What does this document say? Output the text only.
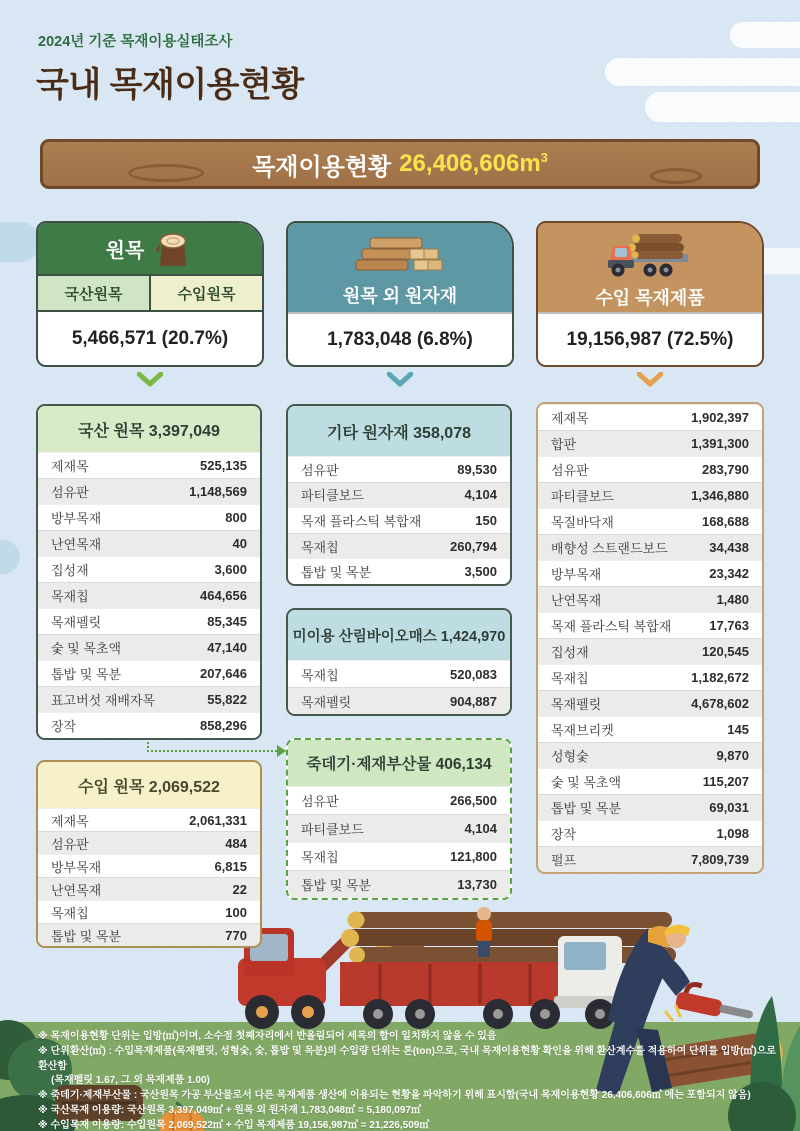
2024년 기준 목재이용실태조사
국내 목재이용현황
목재이용현황 $26,406,606m^3$
원목
국산원목	수입원목
5,466,571 (20.7%)
원목 외 원자재
1,783,048 (6.8%)
수입 목재제품
19,156,987 (72.5%)
국산 원목 3,397,049
제재목	525,135
섬유판	1,148,569
방부목재	800
난연목재	40
집성재	3,600
목재칩	464,656
목재펠릿	85,345
숯 및 목초액	47,140
톱밥 및 목분	207,646
표고버섯 재배자목	55,822
장작	858,296
수입 원목 2,069,522
제재목	2,061,331
섬유판	484
방부목재	6,815
난연목재	22
목재칩	100
톱밥 및 목분	770
기타 원자재 358,078
섬유판	89,530
파티클보드	4,104
목재 플라스틱 복합재	150
목재칩	260,794
톱밥 및 목분	3,500
미이용 산림바이오매스 1,424,970
목재칩	520,083
목재펠릿	904,887
죽데기·제재부산물 406,134
섬유판	266,500
파티클보드	4,104
목재칩	121,800
톱밥 및 목분	13,730
제재목	1,902,397
합판	1,391,300
섬유판	283,790
파티클보드	1,346,880
목질바닥재	168,688
배향성 스트랜드보드	34,438
방부목재	23,342
난연목재	1,480
목재 플라스틱 복합재	17,763
집성재	120,545
목재칩	1,182,672
목재펠릿	4,678,602
목재브리켓	145
성형숯	9,870
숯 및 목초액	115,207
톱밥 및 목분	69,031
장작	1,098
펄프	7,809,739
※ 목재이용현황 단위는 입방(㎥)이며, 소수점 첫째자리에서 반올림되어 세목의 합이 일치하지 않을 수 있음
※ 단위환산(㎥) : 수입목재제품(목재펠릿, 성형숯, 숯, 톱밥 및 목분)의 수입량 단위는 톤(ton)으로, 국내 목재이용현황 확인을 위해 환산계수를 적용하여 단위를 입방(㎥)으로 환산함
(목재펠릿 1.67, 그 외 목재제품 1.00)
※ 죽데기·제재부산물 : 국산원목 가공 부산물로서 다른 목재제품 생산에 이용되는 현황을 파악하기 위해 표시함(국내 목재이용현황 26,406,606㎥ 에는 포함되지 않음)
※ 국산목재 이용량: 국산원목 3,397,049㎥ + 원목 외 원자재 1,783,048㎥ = 5,180,097㎥
※ 수입목재 이용량: 수입원목 2,069,522㎥ + 수입 목재제품 19,156,987㎥ = 21,226,509㎥
